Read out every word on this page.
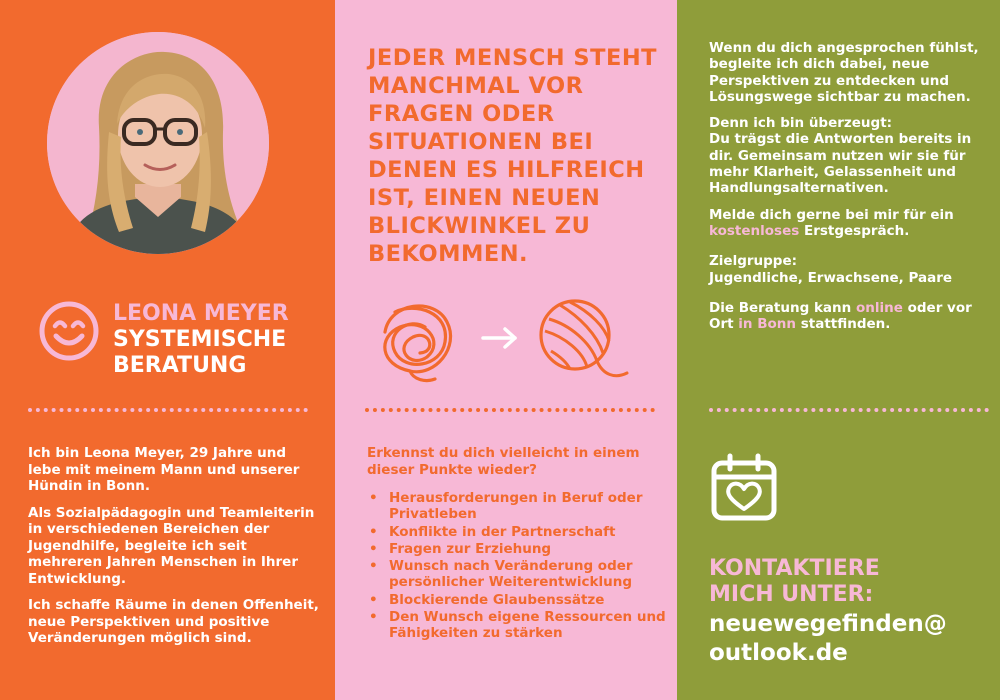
LEONA MEYER
SYSTEMISCHE
BERATUNG

Ich bin Leona Meyer, 29 Jahre und lebe mit meinem Mann und unserer Hündin in Bonn.

Als Sozialpädagogin und Teamleiterin in verschiedenen Bereichen der Jugendhilfe, begleite ich seit mehreren Jahren Menschen in Ihrer Entwicklung.

Ich schaffe Räume in denen Offenheit, neue Perspektiven und positive Veränderungen möglich sind.

JEDER MENSCH STEHT MANCHMAL VOR FRAGEN ODER SITUATIONEN BEI DENEN ES HILFREICH IST, EINEN NEUEN BLICKWINKEL ZU BEKOMMEN.

Erkennst du dich vielleicht in einem dieser Punkte wieder?

• Herausforderungen in Beruf oder Privatleben
• Konflikte in der Partnerschaft
• Fragen zur Erziehung
• Wunsch nach Veränderung oder persönlicher Weiterentwicklung
• Blockierende Glaubenssätze
• Den Wunsch eigene Ressourcen und Fähigkeiten zu stärken

Wenn du dich angesprochen fühlst, begleite ich dich dabei, neue Perspektiven zu entdecken und Lösungswege sichtbar zu machen.

Denn ich bin überzeugt:
Du trägst die Antworten bereits in dir. Gemeinsam nutzen wir sie für mehr Klarheit, Gelassenheit und Handlungsalternativen.

Melde dich gerne bei mir für ein kostenloses Erstgespräch.

Zielgruppe:
Jugendliche, Erwachsene, Paare

Die Beratung kann online oder vor Ort in Bonn stattfinden.

KONTAKTIERE
MICH UNTER:
neuewegefinden@
outlook.de
